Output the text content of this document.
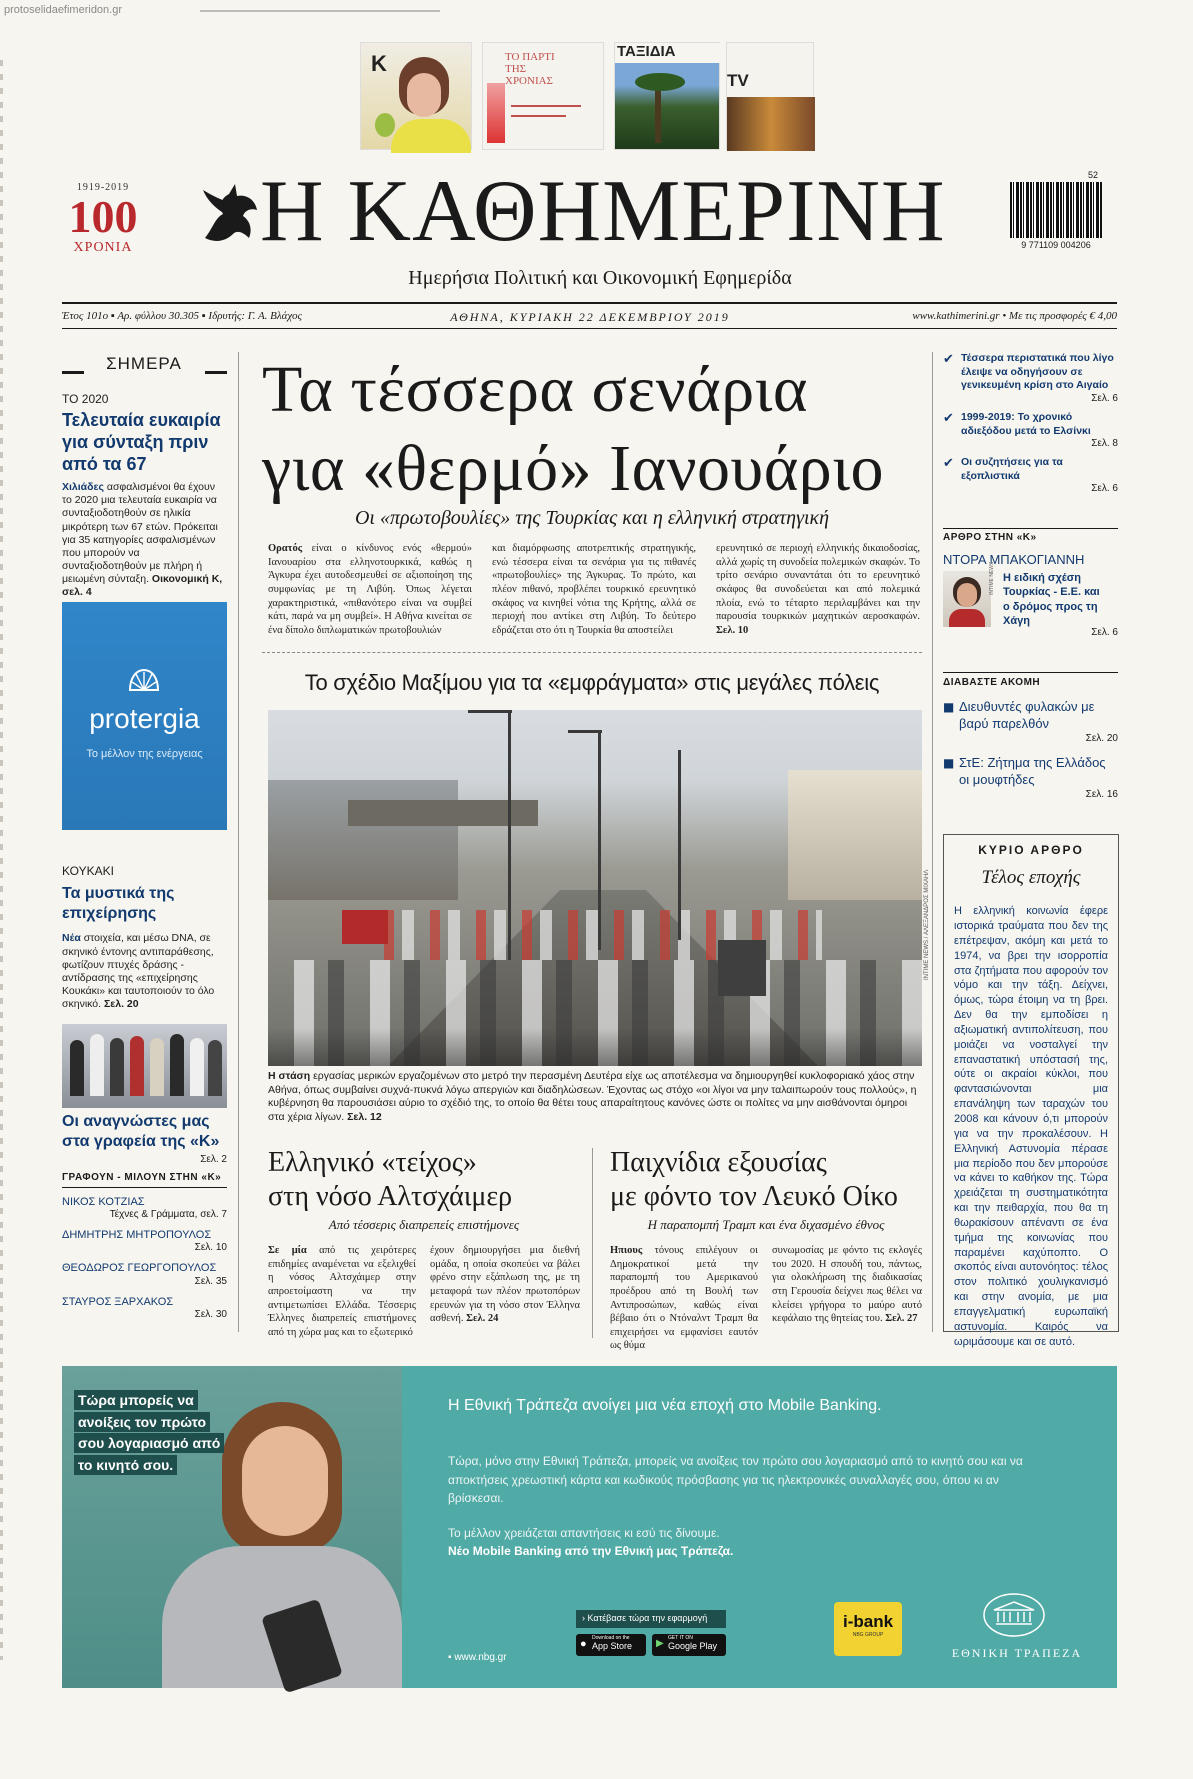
protoselidaefimeridon.gr
K	ΤΟ ΠΑΡΤΙ ΤΗΣ ΧΡΟΝΙΑΣ
ΤΑΞΙΔΙΑ
TV
1919-2019
100
ΧΡΟΝΙΑ Η ΚΑΘΗΜΕΡΙΝΗ
Ημερήσια Πολιτική και Οικονομική Εφημερίδα
52
9 771109 004206
Έτος 101ο ▪ Αρ. φύλλου 30.305 ▪ Ιδρυτής: Γ. Α. Βλάχος	ΑΘΗΝΑ, ΚΥΡΙΑΚΗ 22 ΔΕΚΕΜΒΡΙΟΥ 2019	www.kathimerini.gr • Με τις προσφορές € 4,00
ΣΗΜΕΡΑ
ΤΟ 2020
Τελευταία ευκαιρία για σύνταξη πριν από τα 67
Χιλιάδες ασφαλισμένοι θα έχουν το 2020 μια τελευταία ευκαιρία να συνταξιοδοτηθούν σε ηλικία μικρότερη των 67 ετών. Πρόκειται για 35 κατηγορίες ασφαλισμένων που μπορούν να συνταξιοδοτηθούν με πλήρη ή μειωμένη σύνταξη. Οικονομική Κ, σελ. 4
protergia
Το μέλλον της ενέργειας
ΚΟΥΚΑΚΙ
Τα μυστικά της επιχείρησης
Νέα στοιχεία, και μέσω DNA, σε σκηνικό έντονης αντιπαράθεσης, φωτίζουν πτυχές δράσης - αντίδρασης της «επιχείρησης Κουκάκι» και ταυτοποιούν το όλο σκηνικό. Σελ. 20
Οι αναγνώστες μας στα γραφεία της «Κ»
Σελ. 2
ΓΡΑΦΟΥΝ - ΜΙΛΟΥΝ ΣΤΗΝ «Κ»
ΝΙΚΟΣ ΚΟΤΖΙΑΣ
Τέχνες & Γράμματα, σελ. 7
ΔΗΜΗΤΡΗΣ ΜΗΤΡΟΠΟΥΛΟΣ
Σελ. 10
ΘΕΟΔΩΡΟΣ ΓΕΩΡΓΟΠΟΥΛΟΣ
Σελ. 35
ΣΤΑΥΡΟΣ ΞΑΡΧΑΚΟΣ
Σελ. 30
Τα τέσσερα σενάρια
για «θερμό» Ιανουάριο
Οι «πρωτοβουλίες» της Τουρκίας και η ελληνική στρατηγική
Ορατός είναι ο κίνδυνος ενός «θερμού» Ιανουαρίου στα ελληνοτουρκικά, καθώς η Άγκυρα έχει αυτοδεσμευθεί σε αξιοποίηση της συμφωνίας με τη Λιβύη. Όπως λέγεται χαρακτηριστικά, «πιθανότερο είναι να συμβεί κάτι, παρά να μη συμβεί». Η Αθήνα κινείται σε ένα δίπολο διπλωματικών πρωτοβουλιών
και διαμόρφωσης αποτρεπτικής στρατηγικής, ενώ τέσσερα είναι τα σενάρια για τις πιθανές «πρωτοβουλίες» της Άγκυρας. Το πρώτο, και πλέον πιθανό, προβλέπει τουρκικό ερευνητικό σκάφος να κινηθεί νότια της Κρήτης, αλλά σε περιοχή που αντίκει στη Λιβύη. Το δεύτερο εδράζεται στο ότι η Τουρκία θα αποστείλει
ερευνητικό σε περιοχή ελληνικής δικαιοδοσίας, αλλά χωρίς τη συνοδεία πολεμικών σκαφών. Το τρίτο σενάριο συναντάται ότι το ερευνητικό σκάφος θα συνοδεύεται και από πολεμικά πλοία, ενώ το τέταρτο περιλαμβάνει και την παρουσία τουρκικών μαχητικών αεροσκαφών. Σελ. 10
Το σχέδιο Μαξίμου για τα «εμφράγματα» στις μεγάλες πόλεις
INTIME NEWS / ΑΛΕΞΑΝΔΡΟΣ ΜΙΧΑΗΛ
Η στάση εργασίας μερικών εργαζομένων στο μετρό την περασμένη Δευτέρα είχε ως αποτέλεσμα να δημιουργηθεί κυκλοφοριακό χάος στην Αθήνα, όπως συμβαίνει συχνά-πυκνά λόγω απεργιών και διαδηλώσεων. Έχοντας ως στόχο «οι λίγοι να μην ταλαιπωρούν τους πολλούς», η κυβέρνηση θα παρουσιάσει αύριο το σχέδιό της, το οποίο θα θέτει τους απαραίτητους κανόνες ώστε οι πολίτες να μην αισθάνονται όμηροι στα χέρια λίγων. Σελ. 12
Ελληνικό «τείχος»
στη νόσο Αλτσχάιμερ
Από τέσσερις διαπρεπείς επιστήμονες
Σε μία από τις χειρότερες επιδημίες αναμένεται να εξελιχθεί η νόσος Αλτσχάιμερ στην απροετοίμαστη να την αντιμετωπίσει Ελλάδα. Τέσσερις Έλληνες διαπρεπείς επιστήμονες από τη χώρα μας και το εξωτερικό
έχουν δημιουργήσει μια διεθνή ομάδα, η οποία σκοπεύει να βάλει φρένο στην εξάπλωση της, με τη μεταφορά των πλέον πρωτοπόρων ερευνών για τη νόσο στον Έλληνα ασθενή. Σελ. 24
Παιχνίδια εξουσίας
με φόντο τον Λευκό Οίκο
Η παραπομπή Τραμπ και ένα διχασμένο έθνος
Ηπιους τόνους επιλέγουν οι Δημοκρατικοί μετά την παραπομπή του Αμερικανού προέδρου από τη Βουλή των Αντιπροσώπων, καθώς είναι βέβαιο ότι ο Ντόναλντ Τραμπ θα επιχειρήσει να εμφανίσει εαυτόν ως θύμα
συνωμοσίας με φόντο τις εκλογές του 2020. Η σπουδή του, πάντως, για ολοκλήρωση της διαδικασίας στη Γερουσία δείχνει πως θέλει να κλείσει γρήγορα το μαύρο αυτό κεφάλαιο της θητείας του. Σελ. 27
✔ Τέσσερα περιστατικά που λίγο έλειψε να οδηγήσουν σε γενικευμένη κρίση στο Αιγαίο
Σελ. 6
✔ 1999-2019: Το χρονικό αδιεξόδου μετά το Ελσίνκι
Σελ. 8
✔ Οι συζητήσεις για τα εξοπλιστικά
Σελ. 6
ΑΡΘΡΟ ΣΤΗΝ «Κ»
ΝΤΟΡΑ ΜΠΑΚΟΓΙΑΝΝΗ
INTIME NEWS Η ειδική σχέση Τουρκίας - Ε.Ε. και ο δρόμος προς τη Χάγη
Σελ. 6
ΔΙΑΒΑΣΤΕ ΑΚΟΜΗ
■ Διευθυντές φυλακών με βαρύ παρελθόν
Σελ. 20
■ ΣτΕ: Ζήτημα της Ελλάδος οι μουφτήδες
Σελ. 16
ΚΥΡΙΟ ΑΡΘΡΟ
Τέλος εποχής
Η ελληνική κοινωνία έφερε ιστορικά τραύματα που δεν της επέτρεψαν, ακόμη και μετά το 1974, να βρει την ισορροπία στα ζητήματα που αφορούν τον νόμο και την τάξη. Δείχνει, όμως, τώρα έτοιμη να τη βρει. Δεν θα την εμποδίσει η αξιωματική αντιπολίτευση, που μοιάζει να νοσταλγεί την επαναστατική υπόστασή της, ούτε οι ακραίοι κύκλοι, που φαντασιώνονται μια επανάληψη των ταραχών του 2008 και κάνουν ό,τι μπορούν για να την προκαλέσουν. Η Ελληνική Αστυνομία πέρασε μια περίοδο που δεν μπορούσε να κάνει το καθήκον της. Τώρα χρειάζεται τη συστηματικότητα και την πειθαρχία, που θα τη θωρακίσουν απέναντι σε ένα τμήμα της κοινωνίας που παραμένει καχύποπτο. Ο σκοπός είναι αυτονόητος: τέλος στον πολιτικό χουλιγκανισμό και στην ανομία, με μια επαγγελματική ευρωπαϊκή αστυνομία. Καιρός να ωριμάσουμε και σε αυτό.
Τώρα μπορείς να ανοίξεις τον πρώτο σου λογαριασμό από το κινητό σου.
Η Εθνική Τράπεζα ανοίγει μια νέα εποχή στο Mobile Banking.
Τώρα, μόνο στην Εθνική Τράπεζα, μπορείς να ανοίξεις τον πρώτο σου λογαριασμό από το κινητό σου και να αποκτήσεις χρεωστική κάρτα και κωδικούς πρόσβασης για τις ηλεκτρονικές συναλλαγές σου, όπου κι αν βρίσκεσαι.
Το μέλλον χρειάζεται απαντήσεις κι εσύ τις δίνουμε.
Νέο Mobile Banking από την Εθνική μας Τράπεζα.
› Κατέβασε τώρα την εφαρμογή
● Download on the
App Store	▶ GET IT ON
Google Play
▪ www.nbg.gr
i-bank
NBG GROUP
ΕΘΝΙΚΗ ΤΡΑΠΕΖΑ
